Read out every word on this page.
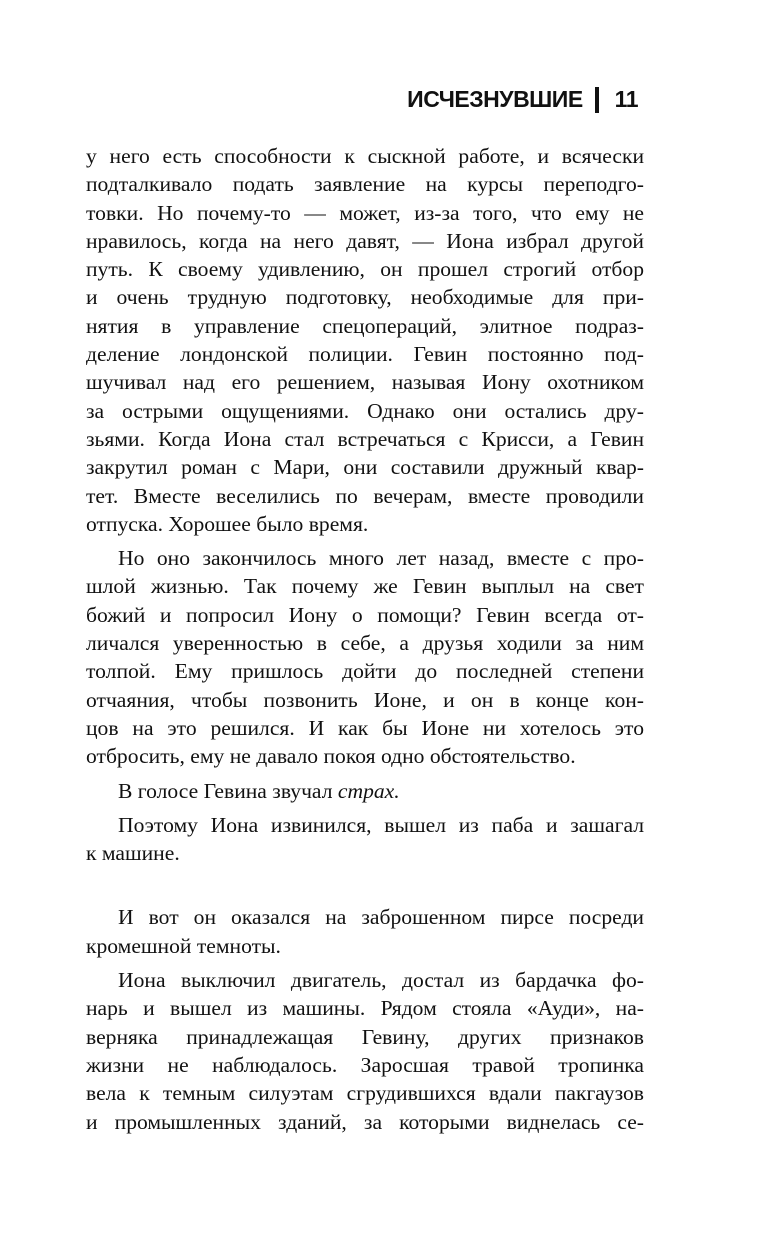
ИСЧЕЗНУВШИЕ 11
у него есть способности к сыскной работе, и всячески
подталкивало подать заявление на курсы переподго-
товки. Но почему-то — может, из-за того, что ему не
нравилось, когда на него давят, — Иона избрал другой
путь. К своему удивлению, он прошел строгий отбор
и очень трудную подготовку, необходимые для при-
нятия в управление спецопераций, элитное подраз-
деление лондонской полиции. Гевин постоянно под-
шучивал над его решением, называя Иону охотником
за острыми ощущениями. Однако они остались дру-
зьями. Когда Иона стал встречаться с Крисси, а Гевин
закрутил роман с Мари, они составили дружный квар-
тет. Вместе веселились по вечерам, вместе проводили
отпуска. Хорошее было время.
Но оно закончилось много лет назад, вместе с про-
шлой жизнью. Так почему же Гевин выплыл на свет
божий и попросил Иону о помощи? Гевин всегда от-
личался уверенностью в себе, а друзья ходили за ним
толпой. Ему пришлось дойти до последней степени
отчаяния, чтобы позвонить Ионе, и он в конце кон-
цов на это решился. И как бы Ионе ни хотелось это
отбросить, ему не давало покоя одно обстоятельство.
В голосе Гевина звучал страх.
Поэтому Иона извинился, вышел из паба и зашагал
к машине.
И вот он оказался на заброшенном пирсе посреди
кромешной темноты.
Иона выключил двигатель, достал из бардачка фо-
нарь и вышел из машины. Рядом стояла «Ауди», на-
верняка принадлежащая Гевину, других признаков
жизни не наблюдалось. Заросшая травой тропинка
вела к темным силуэтам сгрудившихся вдали пакгаузов
и промышленных зданий, за которыми виднелась се-
